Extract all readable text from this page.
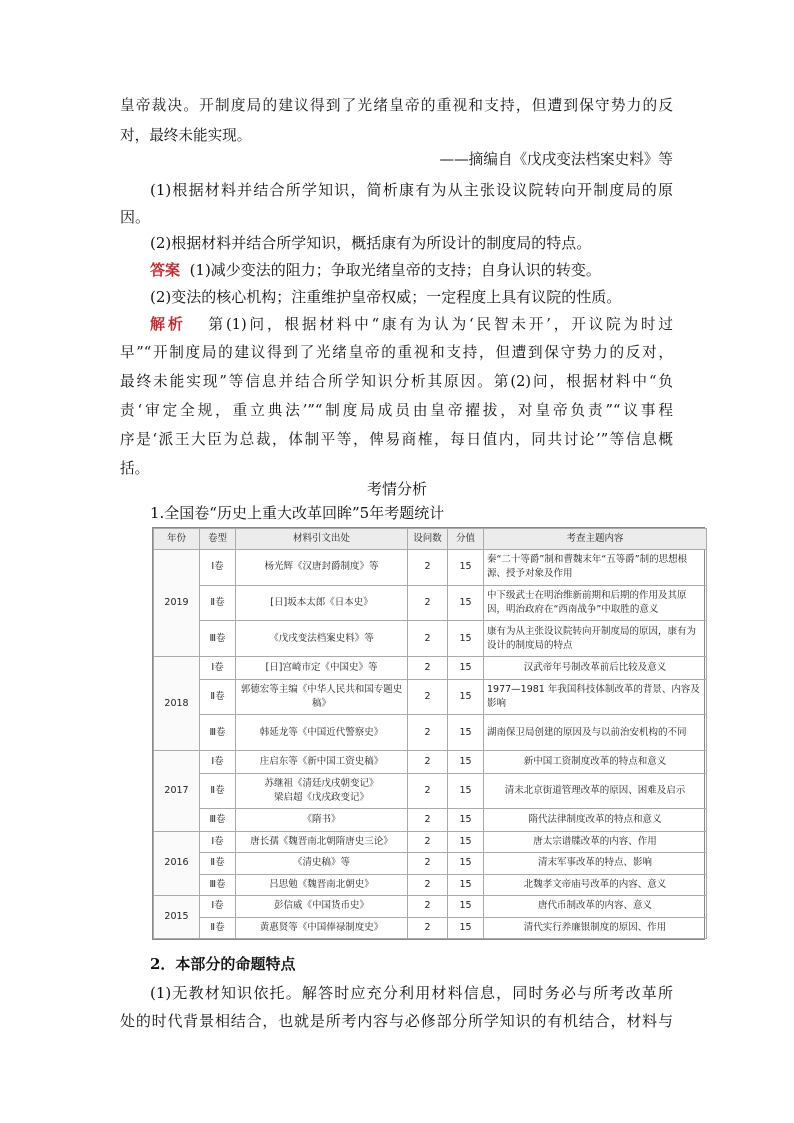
皇帝裁决。开制度局的建议得到了光绪皇帝的重视和支持，但遭到保守势力的反
对，最终未能实现。
——摘编自《戊戌变法档案史料》等
(1)根据材料并结合所学知识，简析康有为从主张设议院转向开制度局的原
因。
(2)根据材料并结合所学知识，概括康有为所设计的制度局的特点。
答案 (1)减少变法的阻力；争取光绪皇帝的支持；自身认识的转变。
(2)变法的核心机构；注重维护皇帝权威；一定程度上具有议院的性质。
解析 第(1)问，根据材料中“康有为认为‘民智未开’，开议院为时过
早”“开制度局的建议得到了光绪皇帝的重视和支持，但遭到保守势力的反对，
最终未能实现”等信息并结合所学知识分析其原因。第(2)问，根据材料中“负
责‘审定全规，重立典法’”“制度局成员由皇帝擢拔，对皇帝负责”“议事程
序是‘派王大臣为总裁，体制平等，俾易商榷，每日值内，同共讨论’”等信息概
括。
考情分析
1.全国卷“历史上重大改革回眸”5年考题统计
年份	卷型	材料引文出处	设问数	分值	考查主题内容
2019	Ⅰ卷	杨光辉《汉唐封爵制度》等	2	15	秦“二十等爵”制和曹魏末年“五等爵”制的思想根源、授予对象及作用
	Ⅱ卷	[日]坂本太郎《日本史》	2	15	中下级武士在明治维新前期和后期的作用及其原因，明治政府在“西南战争”中取胜的意义
	Ⅲ卷	《戊戌变法档案史料》等	2	15	康有为从主张设议院转向开制度局的原因，康有为设计的制度局的特点
2018	Ⅰ卷	[日]宫崎市定《中国史》等	2	15	汉武帝年号制改革前后比较及意义
	Ⅱ卷	郭德宏等主编《中华人民共和国专题史稿》	2	15	1977—1981 年我国科技体制改革的背景、内容及影响
	Ⅲ卷	韩延龙等《中国近代警察史》	2	15	湖南保卫局创建的原因及与以前治安机构的不同
2017	Ⅰ卷	庄启东等《新中国工资史稿》	2	15	新中国工资制度改革的特点和意义
	Ⅱ卷	苏继祖《清廷戊戌朝变记》
梁启超《戊戌政变记》	2	15	清末北京街道管理改革的原因、困难及启示
	Ⅲ卷	《隋书》	2	15	隋代法律制度改革的特点和意义
2016	Ⅰ卷	唐长孺《魏晋南北朝隋唐史三论》	2	15	唐太宗谱牒改革的内容、作用
	Ⅱ卷	《清史稿》等	2	15	清末军事改革的特点、影响
	Ⅲ卷	吕思勉《魏晋南北朝史》	2	15	北魏孝文帝庙号改革的内容、意义
2015	Ⅰ卷	彭信威《中国货币史》	2	15	唐代币制改革的内容、意义
	Ⅱ卷	黄惠贤等《中国俸禄制度史》	2	15	清代实行养廉银制度的原因、作用
2．本部分的命题特点
(1)无教材知识依托。解答时应充分利用材料信息，同时务必与所考改革所
处的时代背景相结合，也就是所考内容与必修部分所学知识的有机结合，材料与
